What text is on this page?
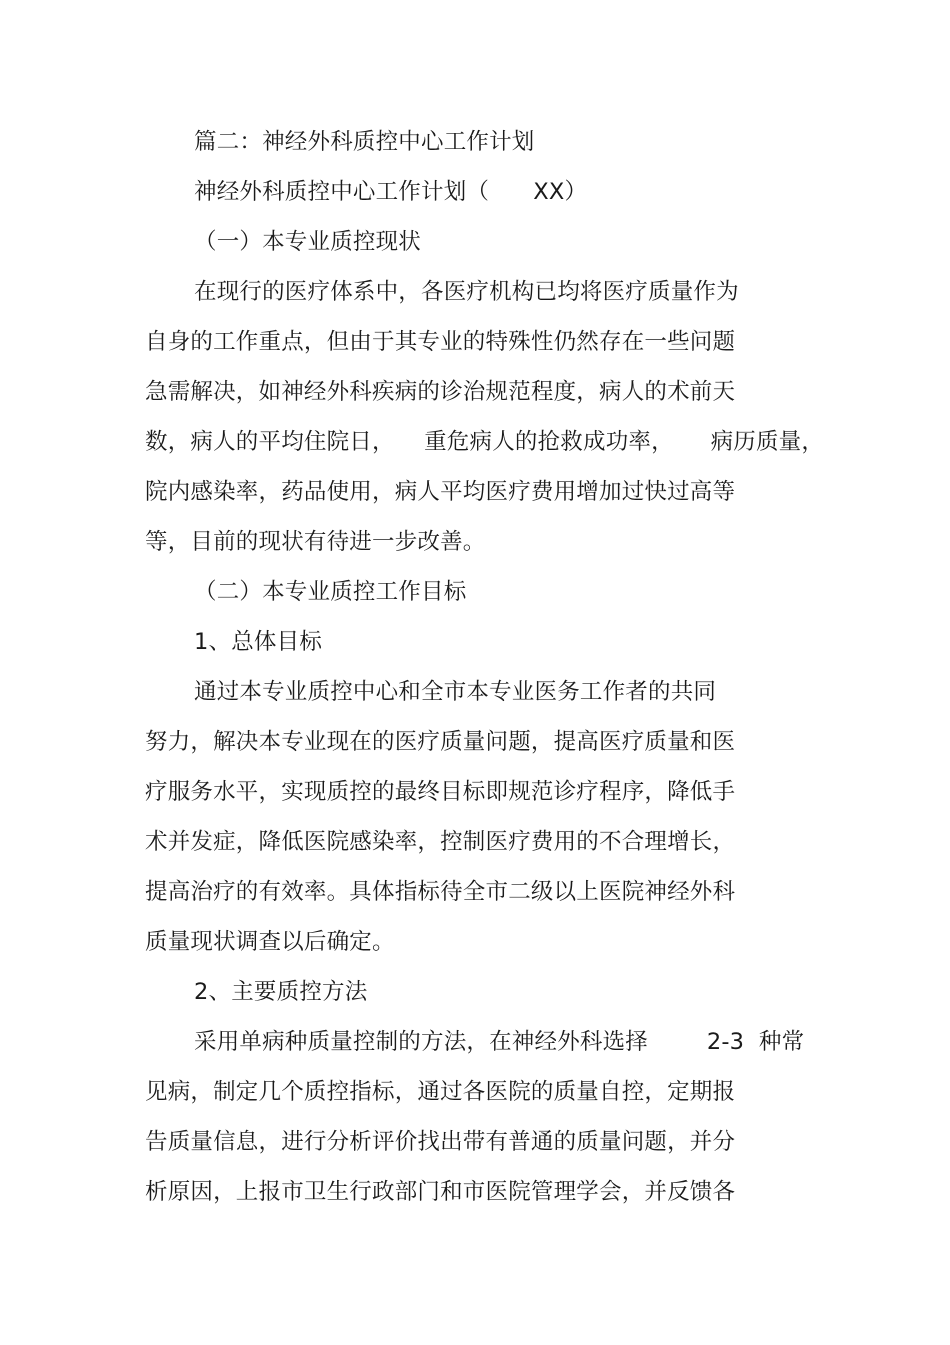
篇二：神经外科质控中心工作计划
神经外科质控中心工作计划（      XX）
（一）本专业质控现状
在现行的医疗体系中，各医疗机构已均将医疗质量作为
自身的工作重点，但由于其专业的特殊性仍然存在一些问题
急需解决，如神经外科疾病的诊治规范程度，病人的术前天
数，病人的平均住院日，    重危病人的抢救成功率，     病历质量，
院内感染率，药品使用，病人平均医疗费用增加过快过高等
等，目前的现状有待进一步改善。
（二）本专业质控工作目标
1、总体目标
通过本专业质控中心和全市本专业医务工作者的共同
努力，解决本专业现在的医疗质量问题，提高医疗质量和医
疗服务水平，实现质控的最终目标即规范诊疗程序，降低手
术并发症，降低医院感染率，控制医疗费用的不合理增长，
提高治疗的有效率。具体指标待全市二级以上医院神经外科
质量现状调查以后确定。
2、主要质控方法
采用单病种质量控制的方法，在神经外科选择        2-3  种常
见病，制定几个质控指标，通过各医院的质量自控，定期报
告质量信息，进行分析评价找出带有普通的质量问题，并分
析原因，上报市卫生行政部门和市医院管理学会，并反馈各
